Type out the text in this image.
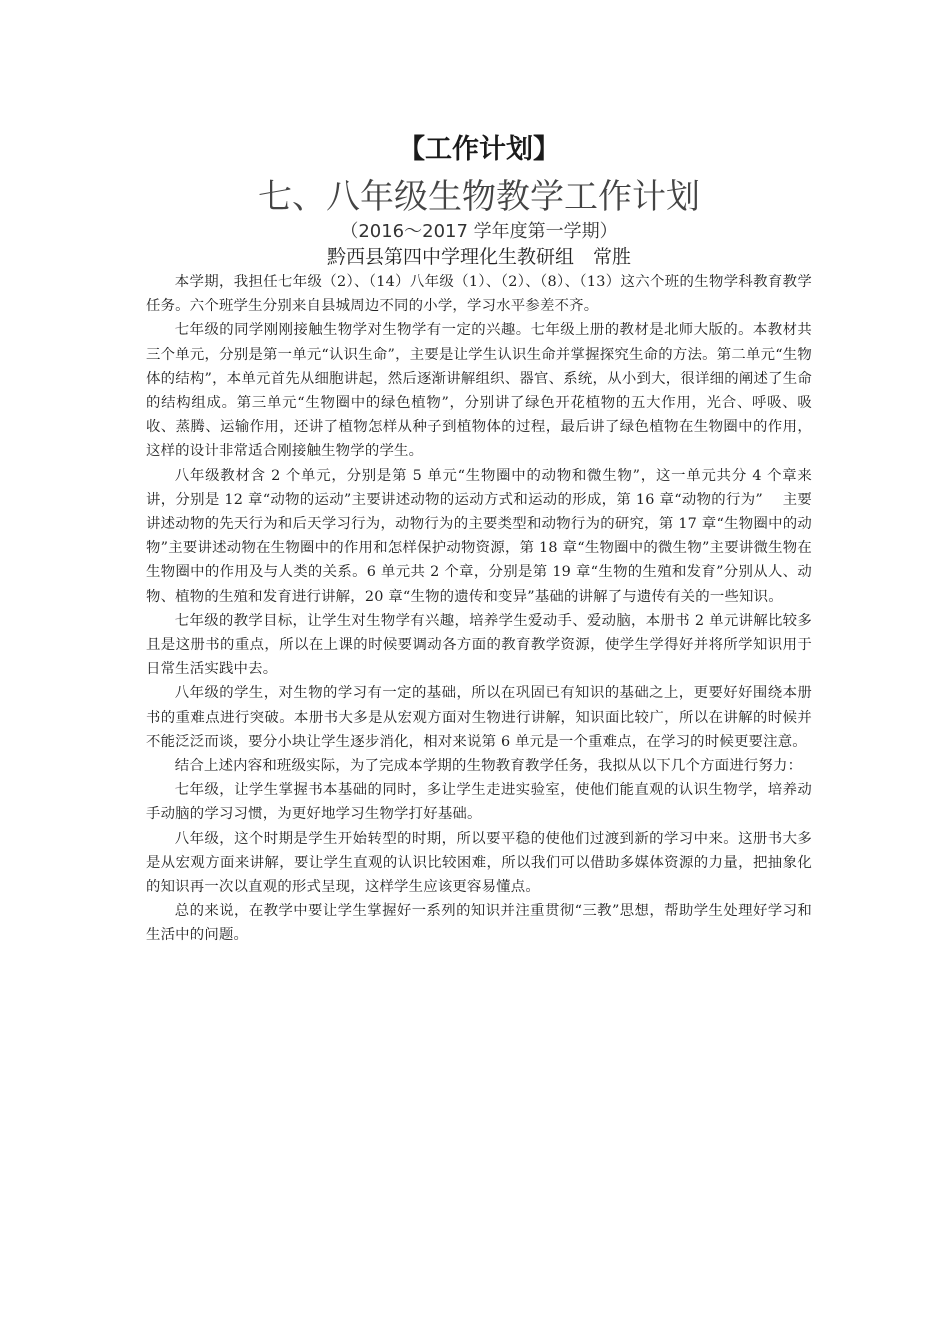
【工作计划】
七、八年级生物教学工作计划
（2016～2017 学年度第一学期）
黔西县第四中学理化生教研组　常胜

本学期，我担任七年级（2）、（14）八年级（1）、（2）、（8）、（13）这六个班的生物学科教育教学任务。六个班学生分别来自县城周边不同的小学，学习水平参差不齐。

七年级的同学刚刚接触生物学对生物学有一定的兴趣。七年级上册的教材是北师大版的。本教材共三个单元，分别是第一单元“认识生命”，主要是让学生认识生命并掌握探究生命的方法。第二单元“生物体的结构”，本单元首先从细胞讲起，然后逐渐讲解组织、器官、系统，从小到大，很详细的阐述了生命的结构组成。第三单元“生物圈中的绿色植物”，分别讲了绿色开花植物的五大作用，光合、呼吸、吸收、蒸腾、运输作用，还讲了植物怎样从种子到植物体的过程，最后讲了绿色植物在生物圈中的作用，这样的设计非常适合刚接触生物学的学生。

八年级教材含 2 个单元，分别是第 5 单元“生物圈中的动物和微生物”，这一单元共分 4 个章来讲，分别是 12 章“动物的运动”主要讲述动物的运动方式和运动的形成，第 16 章“动物的行为”　 主要讲述动物的先天行为和后天学习行为，动物行为的主要类型和动物行为的研究，第 17 章“生物圈中的动物”主要讲述动物在生物圈中的作用和怎样保护动物资源，第 18 章“生物圈中的微生物”主要讲微生物在生物圈中的作用及与人类的关系。6 单元共 2 个章，分别是第 19 章“生物的生殖和发育”分别从人、动物、植物的生殖和发育进行讲解，20 章“生物的遗传和变异”基础的讲解了与遗传有关的一些知识。

七年级的教学目标，让学生对生物学有兴趣，培养学生爱动手、爱动脑，本册书 2 单元讲解比较多且是这册书的重点，所以在上课的时候要调动各方面的教育教学资源，使学生学得好并将所学知识用于日常生活实践中去。

八年级的学生，对生物的学习有一定的基础，所以在巩固已有知识的基础之上，更要好好围绕本册书的重难点进行突破。本册书大多是从宏观方面对生物进行讲解，知识面比较广，所以在讲解的时候并不能泛泛而谈，要分小块让学生逐步消化，相对来说第 6 单元是一个重难点，在学习的时候更要注意。

结合上述内容和班级实际，为了完成本学期的生物教育教学任务，我拟从以下几个方面进行努力：

七年级，让学生掌握书本基础的同时，多让学生走进实验室，使他们能直观的认识生物学，培养动手动脑的学习习惯，为更好地学习生物学打好基础。

八年级，这个时期是学生开始转型的时期，所以要平稳的使他们过渡到新的学习中来。这册书大多是从宏观方面来讲解，要让学生直观的认识比较困难，所以我们可以借助多媒体资源的力量，把抽象化的知识再一次以直观的形式呈现，这样学生应该更容易懂点。

总的来说，在教学中要让学生掌握好一系列的知识并注重贯彻“三教”思想，帮助学生处理好学习和生活中的问题。
